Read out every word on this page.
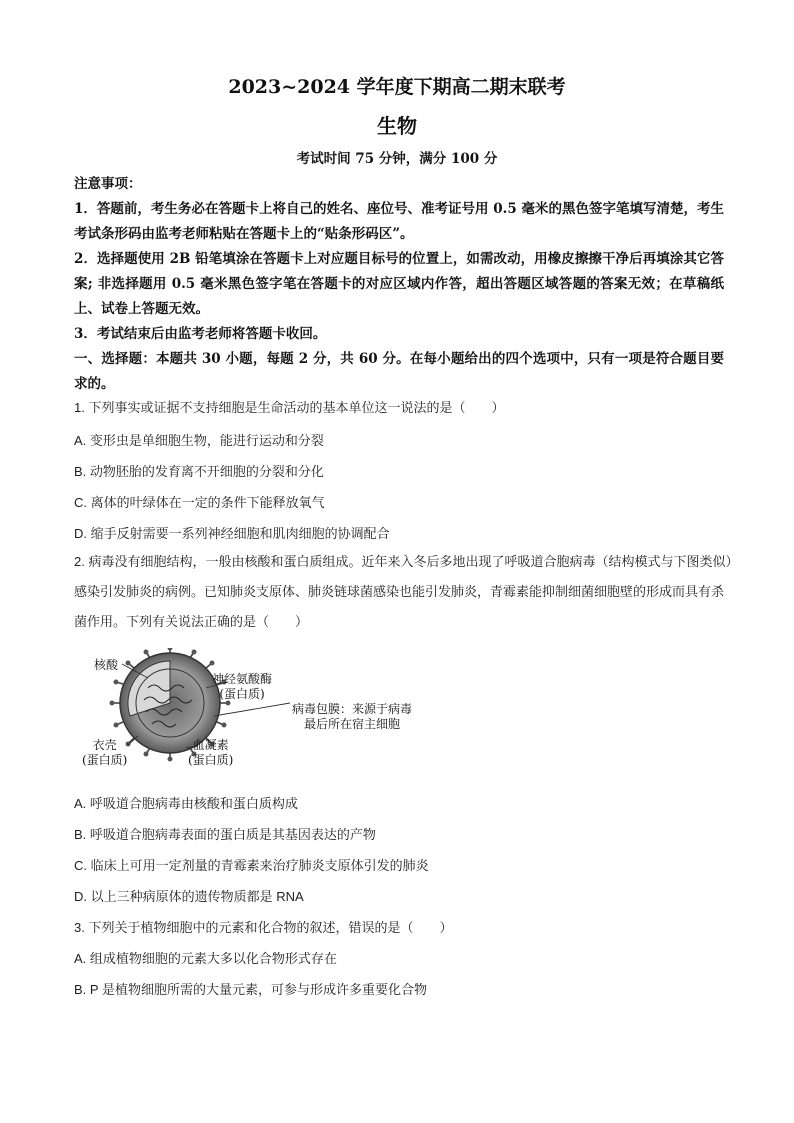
2023~2024 学年度下期高二期末联考
生物
考试时间 75 分钟，满分 100 分

注意事项：

1．答题前，考生务必在答题卡上将自己的姓名、座位号、准考证号用 0.5 毫米的黑色签字笔填写清楚，考生考试条形码由监考老师粘贴在答题卡上的“贴条形码区”。

2．选择题使用 2B 铅笔填涂在答题卡上对应题目标号的位置上，如需改动，用橡皮擦擦干净后再填涂其它答案; 非选择题用 0.5 毫米黑色签字笔在答题卡的对应区域内作答，超出答题区域答题的答案无效；在草稿纸上、试卷上答题无效。

3．考试结束后由监考老师将答题卡收回。

一、选择题：本题共 30 小题，每题 2 分，共 60 分。在每小题给出的四个选项中，只有一项是符合题目要求的。

1. 下列事实或证据不支持细胞是生命活动的基本单位这一说法的是（　　）
A. 变形虫是单细胞生物，能进行运动和分裂
B. 动物胚胎的发育离不开细胞的分裂和分化
C. 离体的叶绿体在一定的条件下能释放氧气
D. 缩手反射需要一系列神经细胞和肌肉细胞的协调配合

2. 病毒没有细胞结构，一般由核酸和蛋白质组成。近年来入冬后多地出现了呼吸道合胞病毒（结构模式与下图类似）感染引发肺炎的病例。已知肺炎支原体、肺炎链球菌感染也能引发肺炎，青霉素能抑制细菌细胞壁的形成而具有杀菌作用。下列有关说法正确的是（　　）

核酸
神经氨酸酶
(蛋白质)
病毒包膜：来源于病毒
最后所在宿主细胞
衣壳
(蛋白质)
血凝素
(蛋白质)
A. 呼吸道合胞病毒由核酸和蛋白质构成
B. 呼吸道合胞病毒表面的蛋白质是其基因表达的产物
C. 临床上可用一定剂量的青霉素来治疗肺炎支原体引发的肺炎
D. 以上三种病原体的遗传物质都是 RNA
3. 下列关于植物细胞中的元素和化合物的叙述，错误的是（　　）
A. 组成植物细胞的元素大多以化合物形式存在
B. P 是植物细胞所需的大量元素，可参与形成许多重要化合物
